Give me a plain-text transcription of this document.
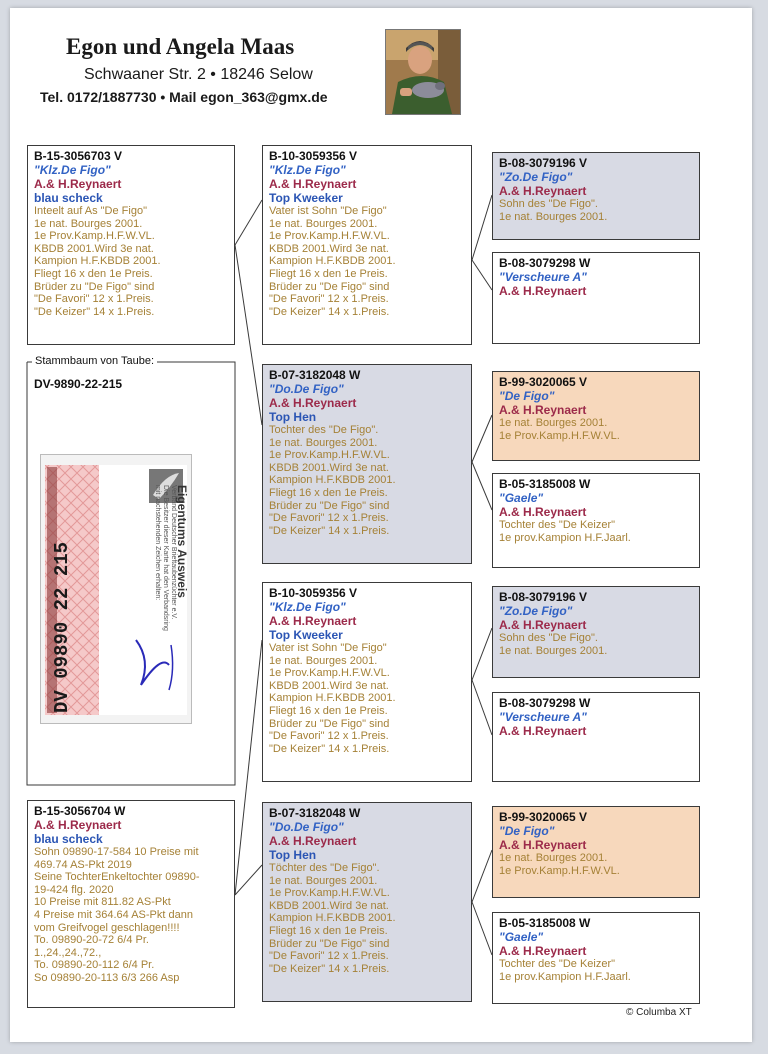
Egon und Angela Maas
Schwaaner Str. 2 • 18246 Selow
Tel. 0172/1887730 • Mail egon_363@gmx.de
B-15-3056703 V
"Klz.De Figo"
A.& H.Reynaert
blau scheck
Inteelt auf As "De Figo"
1e nat. Bourges 2001.
1e Prov.Kamp.H.F.W.VL.
KBDB 2001.Wird 3e nat.
Kampion H.F.KBDB 2001.
Fliegt 16 x den 1e Preis.
Brüder zu "De Figo" sind
"De Favori" 12 x 1.Preis.
"De Keizer" 14 x 1.Preis.
Stammbaum von Taube:
DV-9890-22-215
DV 09890 22 215
Eigentums Ausweis
Verband Deutscher Brieftaubenzüchter e.V.
Die Besitzer dieser Karte hat den Verbandsring
mit nachstehenden Zeichen erhalten:
B-15-3056704 W
A.& H.Reynaert
blau scheck
Sohn 09890-17-584 10 Preise mit
469.74 AS-Pkt 2019
Seine TochterEnkeltochter 09890-
19-424 flg. 2020
10 Preise mit 811.82 AS-Pkt
4 Preise mit 364.64 AS-Pkt dann
vom Greifvogel geschlagen!!!!
To. 09890-20-72 6/4 Pr.
1.,24.,24.,72.,
To. 09890-20-112 6/4 Pr.
So 09890-20-113 6/3 266 Asp
B-10-3059356 V
"Klz.De Figo"
A.& H.Reynaert
Top Kweeker
Vater ist Sohn "De Figo"
1e nat. Bourges 2001.
1e Prov.Kamp.H.F.W.VL.
KBDB 2001.Wird 3e nat.
Kampion H.F.KBDB 2001.
Fliegt 16 x den 1e Preis.
Brüder zu "De Figo" sind
"De Favori" 12 x 1.Preis.
"De Keizer" 14 x 1.Preis.
B-07-3182048 W
"Do.De Figo"
A.& H.Reynaert
Top Hen
Tochter des "De Figo".
1e nat. Bourges 2001.
1e Prov.Kamp.H.F.W.VL.
KBDB 2001.Wird 3e nat.
Kampion H.F.KBDB 2001.
Fliegt 16 x den 1e Preis.
Brüder zu "De Figo" sind
"De Favori" 12 x 1.Preis.
"De Keizer" 14 x 1.Preis.
B-10-3059356 V
"Klz.De Figo"
A.& H.Reynaert
Top Kweeker
Vater ist Sohn "De Figo"
1e nat. Bourges 2001.
1e Prov.Kamp.H.F.W.VL.
KBDB 2001.Wird 3e nat.
Kampion H.F.KBDB 2001.
Fliegt 16 x den 1e Preis.
Brüder zu "De Figo" sind
"De Favori" 12 x 1.Preis.
"De Keizer" 14 x 1.Preis.
B-07-3182048 W
"Do.De Figo"
A.& H.Reynaert
Top Hen
Töchter des "De Figo".
1e nat. Bourges 2001.
1e Prov.Kamp.H.F.W.VL.
KBDB 2001.Wird 3e nat.
Kampion H.F.KBDB 2001.
Fliegt 16 x den 1e Preis.
Brüder zu "De Figo" sind
"De Favori" 12 x 1.Preis.
"De Keizer" 14 x 1.Preis.
B-08-3079196 V
"Zo.De Figo"
A.& H.Reynaert
Sohn des "De Figo".
1e nat. Bourges 2001.
B-08-3079298 W
"Verscheure A"
A.& H.Reynaert
B-99-3020065 V
"De Figo"
A.& H.Reynaert
1e nat. Bourges 2001.
1e Prov.Kamp.H.F.W.VL.
B-05-3185008 W
"Gaele"
A.& H.Reynaert
Tochter des "De Keizer"
1e prov.Kampion H.F.Jaarl.
B-08-3079196 V
"Zo.De Figo"
A.& H.Reynaert
Sohn des "De Figo".
1e nat. Bourges 2001.
B-08-3079298 W
"Verscheure A"
A.& H.Reynaert
B-99-3020065 V
"De Figo"
A.& H.Reynaert
1e nat. Bourges 2001.
1e Prov.Kamp.H.F.W.VL.
B-05-3185008 W
"Gaele"
A.& H.Reynaert
Tochter des "De Keizer"
1e prov.Kampion H.F.Jaarl.
© Columba XT
